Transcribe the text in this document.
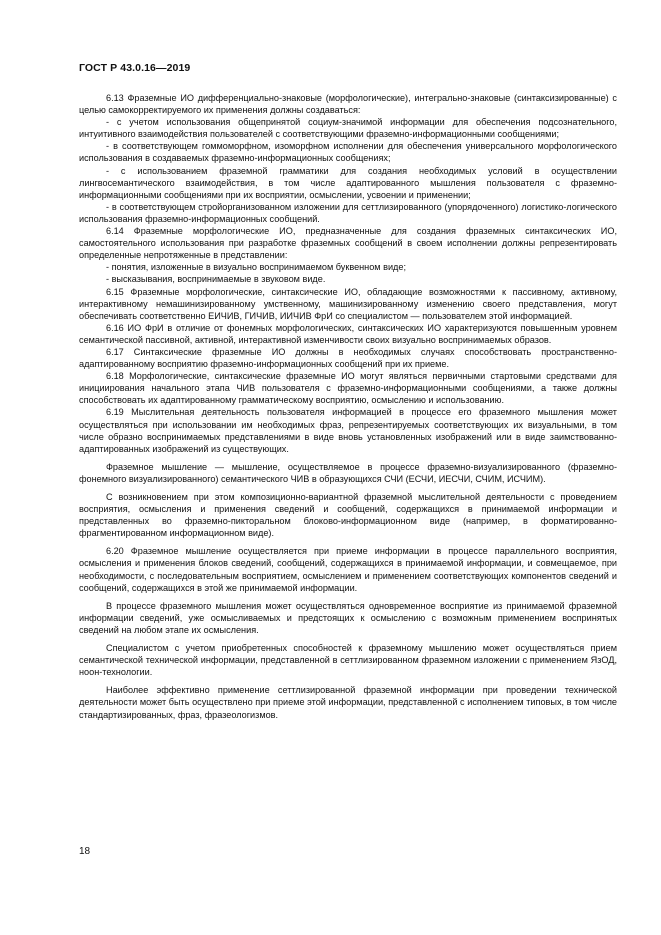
ГОСТ Р 43.0.16—2019

6.13 Фраземные ИО дифференциально-знаковые (морфологические), интегрально-знаковые (синтаксизированные) с целью самокорректируемого их применения должны создаваться:

- с учетом использования общепринятой социум-значимой информации для обеспечения подсознательного, интуитивного взаимодействия пользователей с соответствующими фраземно-информационными сообщениями;

- в соответствующем гоммоморфном, изоморфном исполнении для обеспечения универсального морфологического использования в создаваемых фраземно-информационных сообщениях;

- с использованием фраземной грамматики для создания необходимых условий в осуществлении лингвосемантического взаимодействия, в том числе адаптированного мышления пользователя с фраземно-информационными сообщениями при их восприятии, осмыслении, усвоении и применении;

- в соответствующем стройорганизованном изложении для сеттлизированного (упорядоченного) логистико-логического использования фраземно-информационных сообщений.

6.14 Фраземные морфологические ИО, предназначенные для создания фраземных синтаксических ИО, самостоятельного использования при разработке фраземных сообщений в своем исполнении должны репрезентировать определенные непротяженные в представлении:

- понятия, изложенные в визуально воспринимаемом буквенном виде;

- высказывания, воспринимаемые в звуковом виде.

6.15 Фраземные морфологические, синтаксические ИО, обладающие возможностями к пассивному, активному, интерактивному немашинизированному умственному, машинизированному изменению своего представления, могут обеспечивать соответственно ЕИЧИВ, ГИЧИВ, ИИЧИВ ФрИ со специалистом — пользователем этой информацией.

6.16 ИО ФрИ в отличие от фонемных морфологических, синтаксических ИО характеризуются повышенным уровнем семантической пассивной, активной, интерактивной изменчивости своих визуально воспринимаемых образов.

6.17 Синтаксические фраземные ИО должны в необходимых случаях способствовать пространственно-адаптированному восприятию фраземно-информационных сообщений при их приеме.

6.18 Морфологические, синтаксические фраземные ИО могут являться первичными стартовыми средствами для инициирования начального этапа ЧИВ пользователя с фраземно-информационными сообщениями, а также должны способствовать их адаптированному грамматическому восприятию, осмыслению и использованию.

6.19 Мыслительная деятельность пользователя информацией в процессе его фраземного мышления может осуществляться при использовании им необходимых фраз, репрезентируемых соответствующих их визуальными, в том числе образно воспринимаемых представлениями в виде вновь установленных изображений или в виде заимствованно-адаптированных изображений из существующих.

Фраземное мышление — мышление, осуществляемое в процессе фраземно-визуализированного (фраземно-фонемного визуализированного) семантического ЧИВ в образующихся СЧИ (ЕСЧИ, ИЕСЧИ, СЧИМ, ИСЧИМ).

С возникновением при этом композиционно-вариантной фраземной мыслительной деятельности с проведением восприятия, осмысления и применения сведений и сообщений, содержащихся в принимаемой информации и представленных во фраземно-пикторальном блоково-информационном виде (например, в форматированно-фрагментированном информационном виде).

6.20 Фраземное мышление осуществляется при приеме информации в процессе параллельного восприятия, осмысления и применения блоков сведений, сообщений, содержащихся в принимаемой информации, и совмещаемое, при необходимости, с последовательным восприятием, осмыслением и применением соответствующих компонентов сведений и сообщений, содержащихся в этой же принимаемой информации.

В процессе фраземного мышления может осуществляться одновременное восприятие из принимаемой фраземной информации сведений, уже осмысливаемых и предстоящих к осмыслению с возможным применением воспринятых сведений на любом этапе их осмысления.

Специалистом с учетом приобретенных способностей к фраземному мышлению может осуществляться прием семантической технической информации, представленной в сеттлизированном фраземном изложении с применением ЯзОД, ноон-технологии.

Наиболее эффективно применение сеттлизированной фраземной информации при проведении технической деятельности может быть осуществлено при приеме этой информации, представленной с исполнением типовых, в том числе стандартизированных, фраз, фразеологизмов.

18
